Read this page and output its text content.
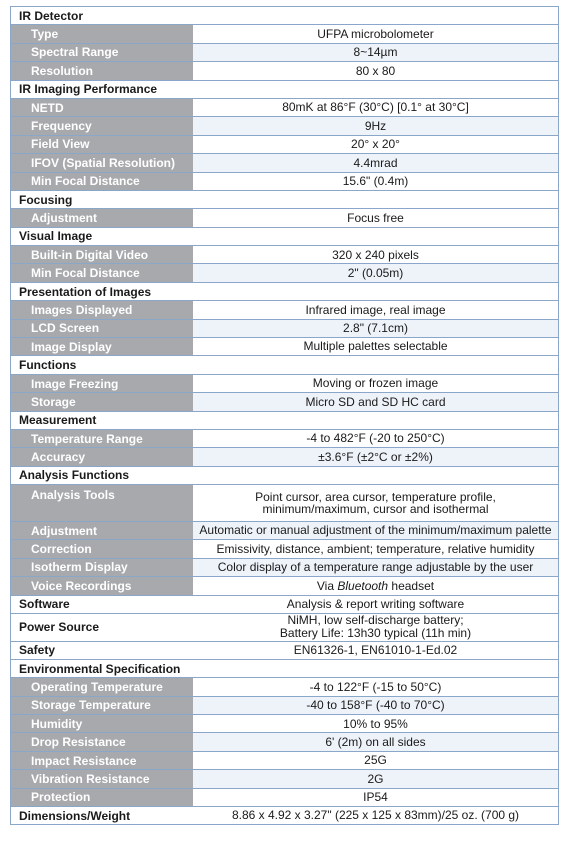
IR Detector
Type	UFPA microbolometer
Spectral Range	8~14µm
Resolution	80 x 80
IR Imaging Performance
NETD	80mK at 86°F (30°C) [0.1° at 30°C]
Frequency	9Hz
Field View	20° x 20°
IFOV (Spatial Resolution)	4.4mrad
Min Focal Distance	15.6" (0.4m)
Focusing
Adjustment	Focus free
Visual Image
Built-in Digital Video	320 x 240 pixels
Min Focal Distance	2" (0.05m)
Presentation of Images
Images Displayed	Infrared image, real image
LCD Screen	2.8" (7.1cm)
Image Display	Multiple palettes selectable
Functions
Image Freezing	Moving or frozen image
Storage	Micro SD and SD HC card
Measurement
Temperature Range	-4 to 482°F (-20 to 250°C)
Accuracy	±3.6°F (±2°C or ±2%)
Analysis Functions
Analysis Tools	Point cursor, area cursor, temperature profile,
minimum/maximum, cursor and isothermal
Adjustment	Automatic or manual adjustment of the minimum/maximum palette
Correction	Emissivity, distance, ambient; temperature, relative humidity
Isotherm Display	Color display of a temperature range adjustable by the user
Voice Recordings	Via Bluetooth headset
Software	Analysis & report writing software
Power Source	NiMH, low self-discharge battery;
Battery Life: 13h30 typical (11h min)
Safety	EN61326-1, EN61010-1-Ed.02
Environmental Specification
Operating Temperature	-4 to 122°F (-15 to 50°C)
Storage Temperature	-40 to 158°F (-40 to 70°C)
Humidity	10% to 95%
Drop Resistance	6' (2m) on all sides
Impact Resistance	25G
Vibration Resistance	2G
Protection	IP54
Dimensions/Weight	8.86 x 4.92 x 3.27" (225 x 125 x 83mm)/25 oz. (700 g)
